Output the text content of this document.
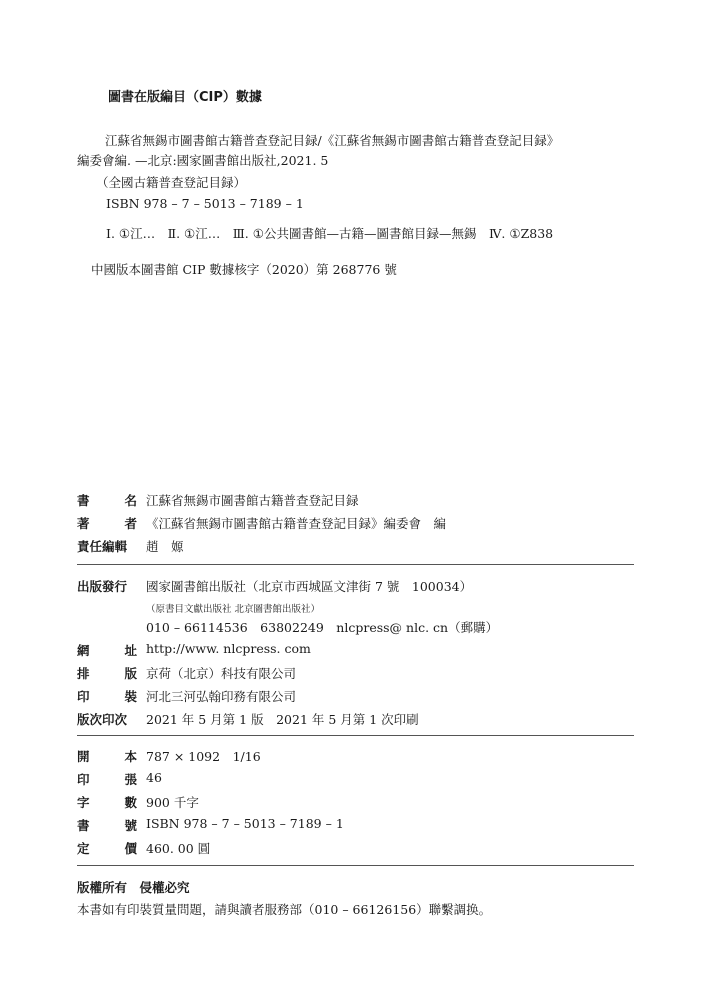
圖書在版編目（CIP）數據
江蘇省無錫市圖書館古籍普查登記目録/《江蘇省無錫市圖書館古籍普查登記目録》
編委會編. —北京:國家圖書館出版社,2021. 5
（全國古籍普查登記目録）
ISBN 978 – 7 – 5013 – 7189 – 1
Ⅰ. ①江…　Ⅱ. ①江…　Ⅲ. ①公共圖書館—古籍—圖書館目録—無錫　Ⅳ. ①Z838
中國版本圖書館 CIP 數據核字（2020）第 268776 號
書	名 江蘇省無錫市圖書館古籍普查登記目録
著	者 《江蘇省無錫市圖書館古籍普查登記目録》編委會　編
責任編輯	趙　嫄
出版發行	國家圖書館出版社（北京市西城區文津街 7 號　100034）
（原書目文獻出版社 北京圖書館出版社）
010 – 66114536　63802249　nlcpress@ nlc. cn（郵購）
網	址 http://www. nlcpress. com
排	版 京荷（北京）科技有限公司
印	裝 河北三河弘翰印務有限公司
版次印次	2021 年 5 月第 1 版　2021 年 5 月第 1 次印刷
開	本 787 × 1092　1/16
印	張 46
字	數 900 千字
書	號 ISBN 978 – 7 – 5013 – 7189 – 1
定	價 460. 00 圓
版權所有　侵權必究
本書如有印裝質量問題，請與讀者服務部（010 – 66126156）聯繫調换。
